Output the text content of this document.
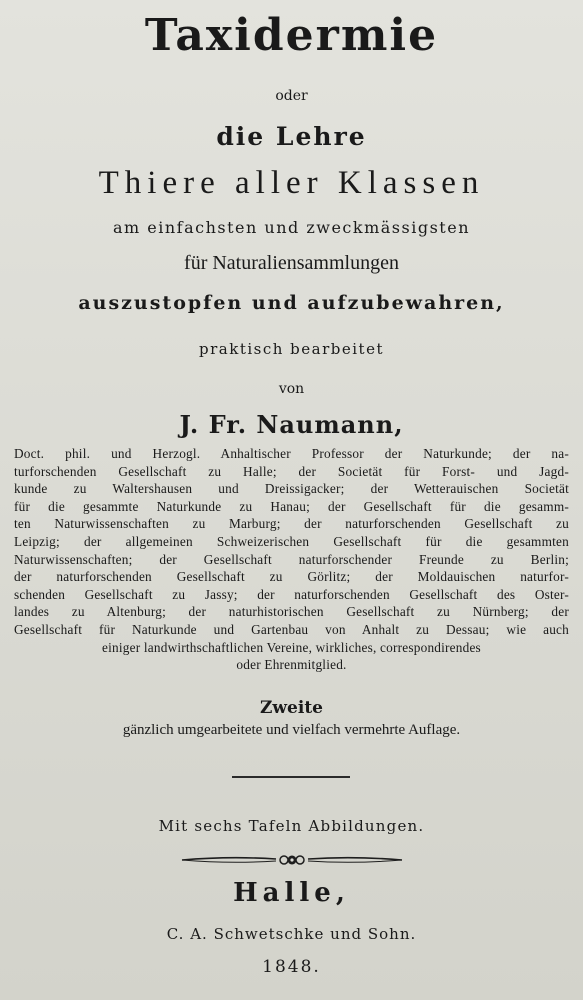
Taxidermie
oder
die Lehre
Thiere aller Klassen
am einfachsten und zweckmässigsten
für Naturaliensammlungen
auszustopfen und aufzubewahren,
praktisch bearbeitet
von
J. Fr. Naumann,
Doct. phil. und Herzogl. Anhaltischer Professor der Naturkunde; der na-
turforschenden Gesellschaft zu Halle; der Societät für Forst- und Jagd-
kunde zu Waltershausen und Dreissigacker; der Wetterauischen Societät
für die gesammte Naturkunde zu Hanau; der Gesellschaft für die gesamm-
ten Naturwissenschaften zu Marburg; der naturforschenden Gesellschaft zu
Leipzig; der allgemeinen Schweizerischen Gesellschaft für die gesammten
Naturwissenschaften; der Gesellschaft naturforschender Freunde zu Berlin;
der naturforschenden Gesellschaft zu Görlitz; der Moldauischen naturfor-
schenden Gesellschaft zu Jassy; der naturforschenden Gesellschaft des Oster-
landes zu Altenburg; der naturhistorischen Gesellschaft zu Nürnberg; der
Gesellschaft für Naturkunde und Gartenbau von Anhalt zu Dessau; wie auch
einiger landwirthschaftlichen Vereine, wirkliches, correspondirendes
oder Ehrenmitglied.
Zweite
gänzlich umgearbeitete und vielfach vermehrte Auflage.
Mit sechs Tafeln Abbildungen.
Halle,
C. A. Schwetschke und Sohn.
1848.
